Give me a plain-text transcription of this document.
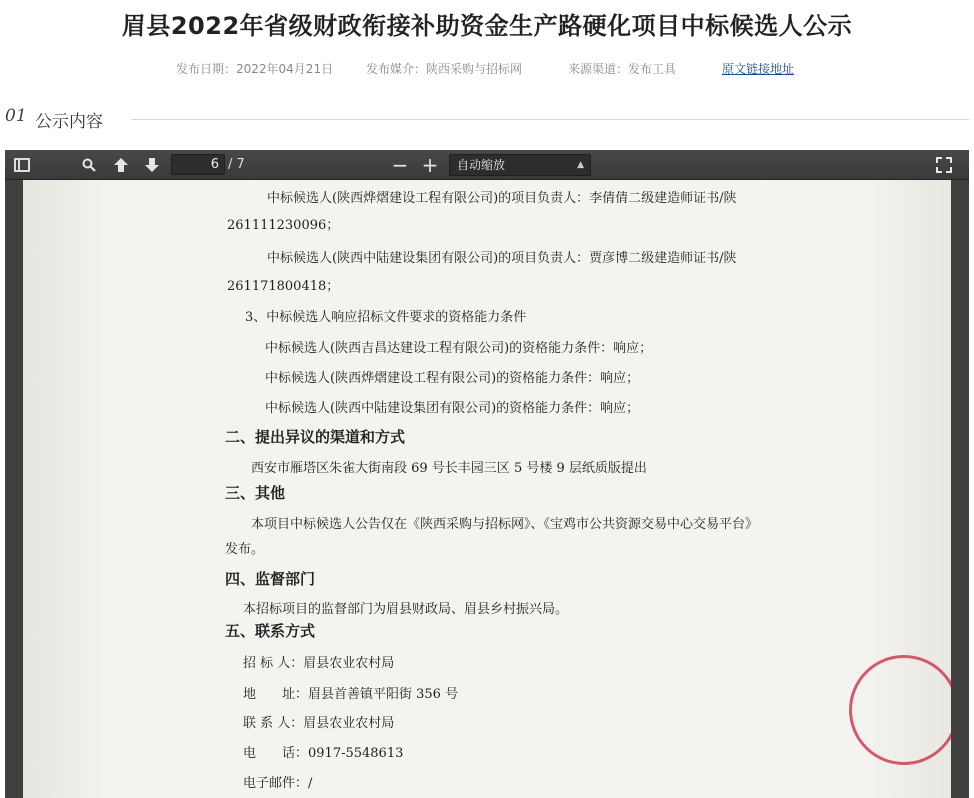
眉县2022年省级财政衔接补助资金生产路硬化项目中标候选人公示
发布日期：2022年04月21日	发布媒介：陕西采购与招标网	来源渠道：发布工具	原文链接地址
01 公示内容
6 / 7	− +	自动缩放	▲

中标候选人(陕西烨熠建设工程有限公司)的项目负责人：李倩倩二级建造师证书/陕
261111230096；
中标候选人(陕西中陆建设集团有限公司)的项目负责人：贾彦博二级建造师证书/陕
261171800418；
3、中标候选人响应招标文件要求的资格能力条件
中标候选人(陕西吉昌达建设工程有限公司)的资格能力条件：响应；
中标候选人(陕西烨熠建设工程有限公司)的资格能力条件：响应；
中标候选人(陕西中陆建设集团有限公司)的资格能力条件：响应；
二、提出异议的渠道和方式
西安市雁塔区朱雀大街南段 69 号长丰园三区 5 号楼 9 层纸质版提出
三、其他
本项目中标候选人公告仅在《陕西采购与招标网》、《宝鸡市公共资源交易中心交易平台》
发布。
四、监督部门
本招标项目的监督部门为眉县财政局、眉县乡村振兴局。
五、联系方式
招 标 人：眉县农业农村局
地　　址：眉县首善镇平阳街 356 号
联 系 人：眉县农业农村局
电　　话：0917-5548613
电子邮件：/
